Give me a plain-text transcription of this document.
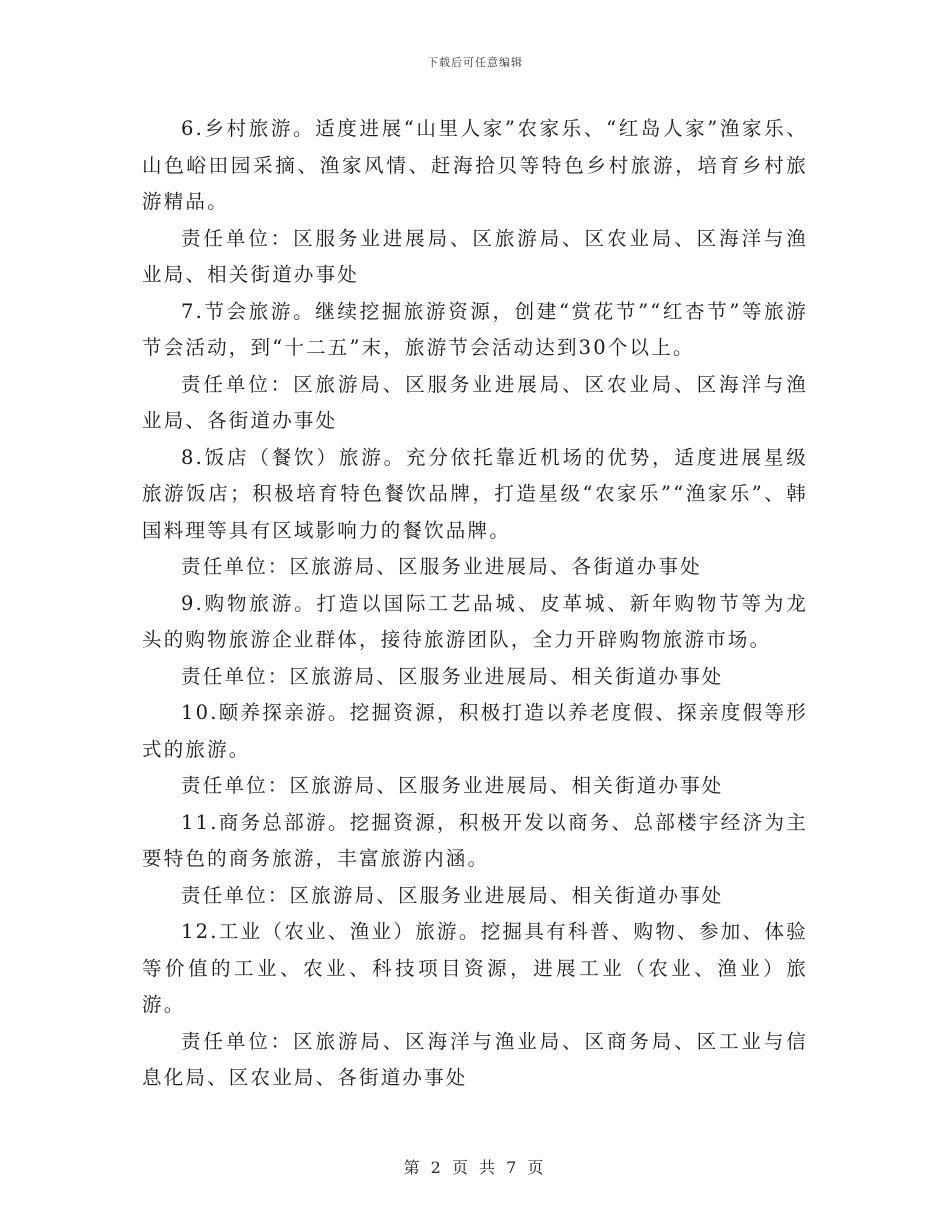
下载后可任意编辑

6.乡村旅游。适度进展“山里人家”农家乐、“红岛人家”渔家乐、山色峪田园采摘、渔家风情、赶海拾贝等特色乡村旅游，培育乡村旅游精品。

责任单位：区服务业进展局、区旅游局、区农业局、区海洋与渔业局、相关街道办事处

7.节会旅游。继续挖掘旅游资源，创建“赏花节”“红杏节”等旅游节会活动，到“十二五”末，旅游节会活动达到30个以上。

责任单位：区旅游局、区服务业进展局、区农业局、区海洋与渔业局、各街道办事处

8.饭店（餐饮）旅游。充分依托靠近机场的优势，适度进展星级旅游饭店；积极培育特色餐饮品牌，打造星级“农家乐”“渔家乐”、韩国料理等具有区域影响力的餐饮品牌。

责任单位：区旅游局、区服务业进展局、各街道办事处

9.购物旅游。打造以国际工艺品城、皮革城、新年购物节等为龙头的购物旅游企业群体，接待旅游团队，全力开辟购物旅游市场。

责任单位：区旅游局、区服务业进展局、相关街道办事处

10.颐养探亲游。挖掘资源，积极打造以养老度假、探亲度假等形式的旅游。

责任单位：区旅游局、区服务业进展局、相关街道办事处

11.商务总部游。挖掘资源，积极开发以商务、总部楼宇经济为主要特色的商务旅游，丰富旅游内涵。

责任单位：区旅游局、区服务业进展局、相关街道办事处

12.工业（农业、渔业）旅游。挖掘具有科普、购物、参加、体验等价值的工业、农业、科技项目资源，进展工业（农业、渔业）旅游。

责任单位：区旅游局、区海洋与渔业局、区商务局、区工业与信息化局、区农业局、各街道办事处

第 2 页 共 7 页
